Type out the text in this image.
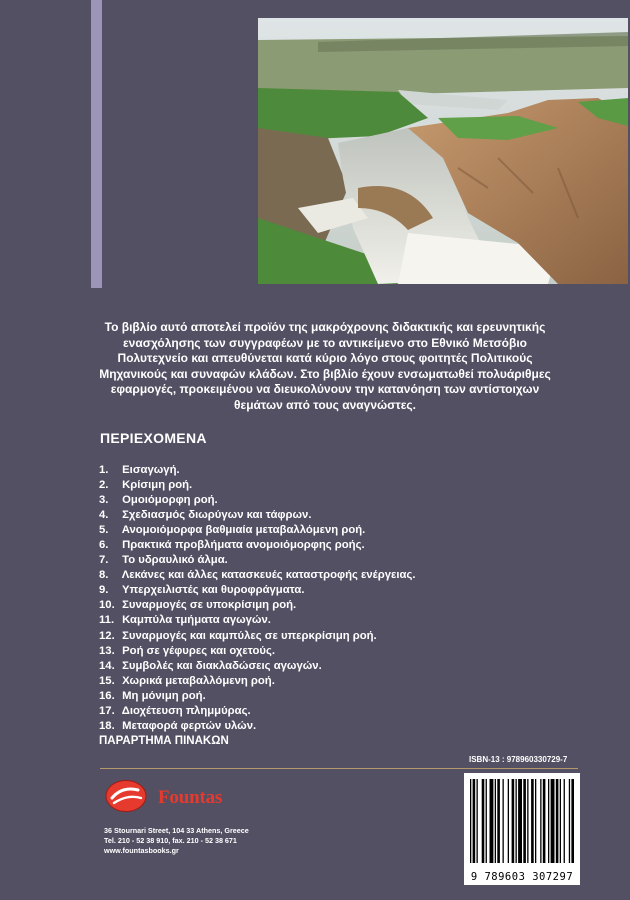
Το βιβλίο αυτό αποτελεί προϊόν της μακρόχρονης διδακτικής και ερευνητικής ενασχόλησης των συγγραφέων με το αντικείμενο στο Εθνικό Μετσόβιο Πολυτεχνείο και απευθύνεται κατά κύριο λόγο στους φοιτητές Πολιτικούς Μηχανικούς και συναφών κλάδων. Στο βιβλίο έχουν ενσωματωθεί πολυάριθμες εφαρμογές, προκειμένου να διευκολύνουν την κατανόηση των αντίστοιχων θεμάτων από τους αναγνώστες.

ΠΕΡΙΕΧΟΜΕΝΑ
1. Εισαγωγή.
2. Κρίσιμη ροή.
3. Ομοιόμορφη ροή.
4. Σχεδιασμός διωρύγων και τάφρων.
5. Ανομοιόμορφα βαθμιαία μεταβαλλόμενη ροή.
6. Πρακτικά προβλήματα ανομοιόμορφης ροής.
7. Το υδραυλικό άλμα.
8. Λεκάνες και άλλες κατασκευές καταστροφής ενέργειας.
9. Υπερχειλιστές και θυροφράγματα.
10. Συναρμογές σε υποκρίσιμη ροή.
11. Καμπύλα τμήματα αγωγών.
12. Συναρμογές και καμπύλες σε υπερκρίσιμη ροή.
13. Ροή σε γέφυρες και οχετούς.
14. Συμβολές και διακλαδώσεις αγωγών.
15. Χωρικά μεταβαλλόμενη ροή.
16. Μη μόνιμη ροή.
17. Διοχέτευση πλημμύρας.
18. Μεταφορά φερτών υλών.
ΠΑΡΑΡΤΗΜΑ ΠΙΝΑΚΩΝ
ISBN-13 : 978960330729-7
Fountas
36 Stournari Street, 104 33 Athens, Greece
Tel. 210 - 52 38 910, fax. 210 - 52 38 671
www.fountasbooks.gr
9 789603 307297
